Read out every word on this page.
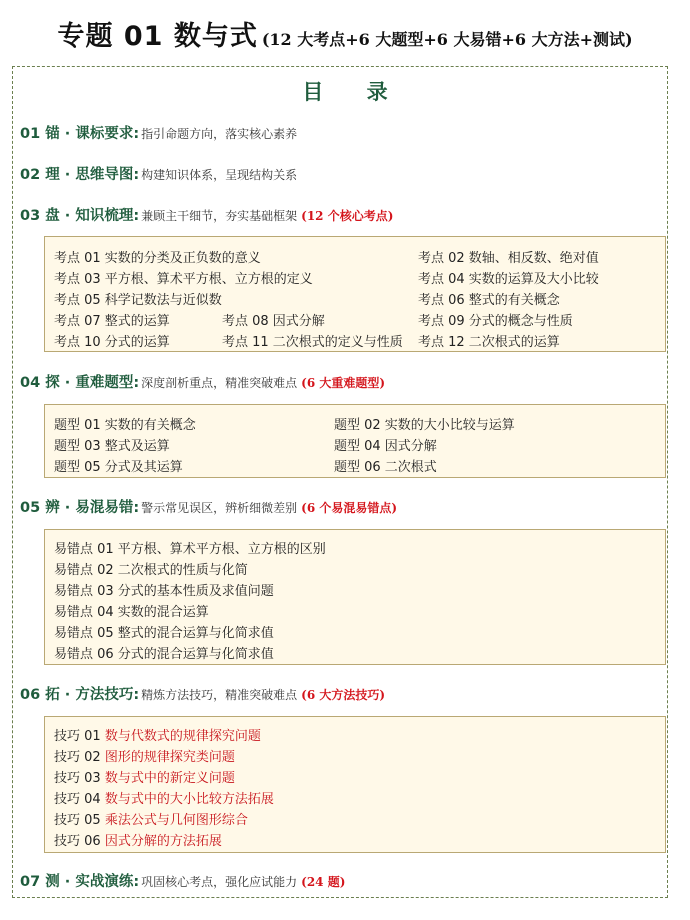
专题 01 数与式 (12 大考点+6 大题型+6 大易错+6 大方法+测试)
目 录
01 锚 · 课标要求: 指引命题方向，落实核心素养
02 理 · 思维导图: 构建知识体系，呈现结构关系
03 盘 · 知识梳理: 兼顾主干细节，夯实基础框架 (12 个核心考点)
考点 01 实数的分类及正负数的意义	考点 02 数轴、相反数、绝对值
考点 03 平方根、算术平方根、立方根的定义	考点 04 实数的运算及大小比较
考点 05 科学记数法与近似数	考点 06 整式的有关概念
考点 07 整式的运算	考点 08 因式分解	考点 09 分式的概念与性质
考点 10 分式的运算	考点 11 二次根式的定义与性质 考点 12 二次根式的运算
04 探 · 重难题型: 深度剖析重点，精准突破难点 (6 大重难题型)
题型 01 实数的有关概念	题型 02 实数的大小比较与运算
题型 03 整式及运算	题型 04 因式分解
题型 05 分式及其运算	题型 06 二次根式
05 辨 · 易混易错: 警示常见误区，辨析细微差别 (6 个易混易错点)
易错点 01 平方根、算术平方根、立方根的区别
易错点 02 二次根式的性质与化简
易错点 03 分式的基本性质及求值问题
易错点 04 实数的混合运算
易错点 05 整式的混合运算与化简求值
易错点 06 分式的混合运算与化简求值
06 拓 · 方法技巧: 精炼方法技巧，精准突破难点 (6 大方法技巧)
技巧 01 数与代数式的规律探究问题
技巧 02 图形的规律探究类问题
技巧 03 数与式中的新定义问题
技巧 04 数与式中的大小比较方法拓展
技巧 05 乘法公式与几何图形综合
技巧 06 因式分解的方法拓展
07 测 · 实战演练: 巩固核心考点，强化应试能力 (24 题)
